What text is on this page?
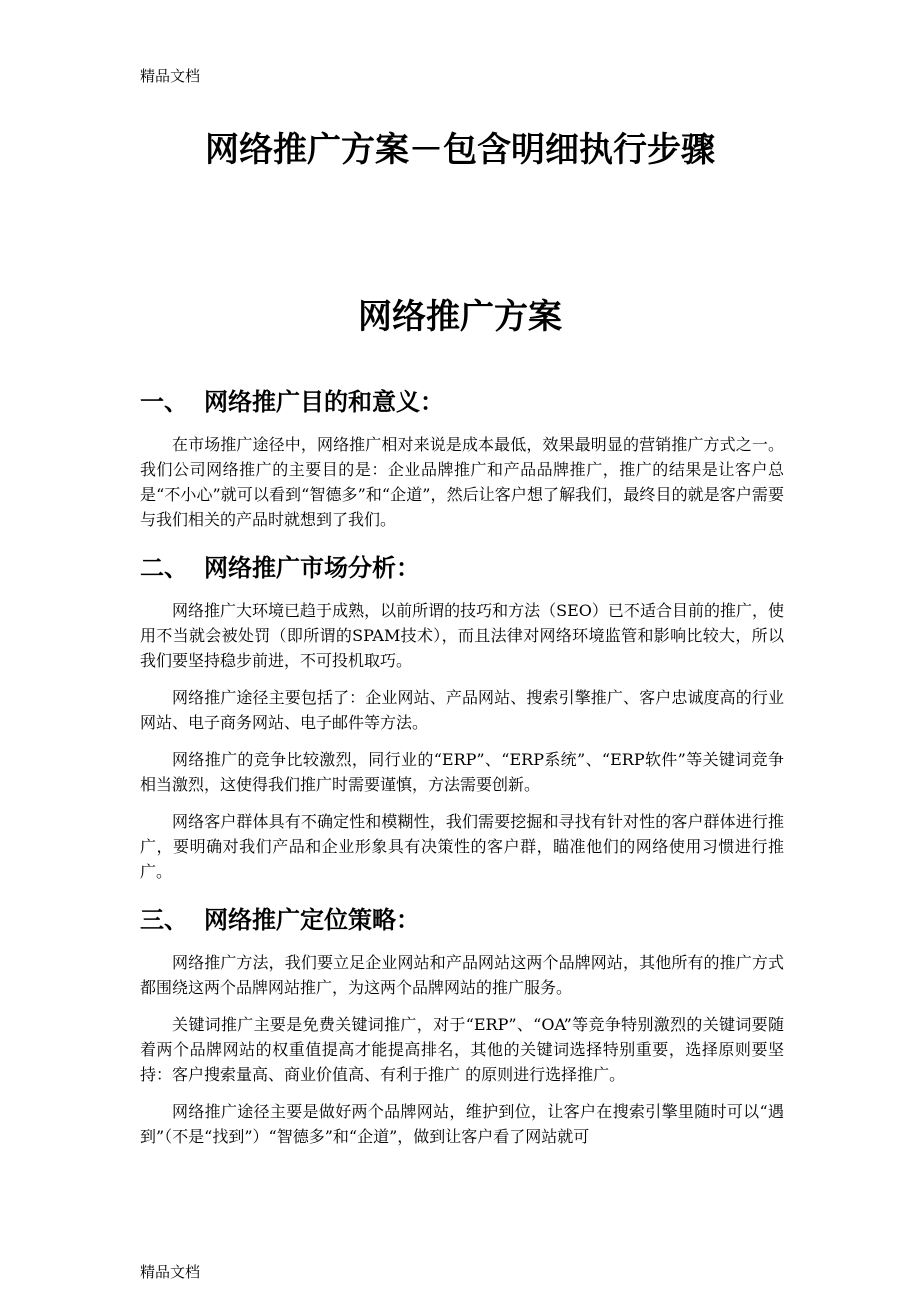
精品文档
网络推广方案－包含明细执行步骤
网络推广方案
一、 网络推广目的和意义：

在市场推广途径中，网络推广相对来说是成本最低，效果最明显的营销推广方式之一。我们公司网络推广的主要目的是：企业品牌推广和产品品牌推广，推广的结果是让客户总是“不小心”就可以看到“智德多”和“企道”，然后让客户想了解我们，最终目的就是客户需要与我们相关的产品时就想到了我们。

二、 网络推广市场分析：

网络推广大环境已趋于成熟，以前所谓的技巧和方法（SEO）已不适合目前的推广，使用不当就会被处罚（即所谓的SPAM技术），而且法律对网络环境监管和影响比较大，所以我们要坚持稳步前进，不可投机取巧。

网络推广途径主要包括了：企业网站、产品网站、搜索引擎推广、客户忠诚度高的行业网站、电子商务网站、电子邮件等方法。

网络推广的竞争比较激烈，同行业的“ERP”、“ERP系统”、“ERP软件”等关键词竞争相当激烈，这使得我们推广时需要谨慎，方法需要创新。

网络客户群体具有不确定性和模糊性，我们需要挖掘和寻找有针对性的客户群体进行推广，要明确对我们产品和企业形象具有决策性的客户群，瞄准他们的网络使用习惯进行推广。

三、 网络推广定位策略：

网络推广方法，我们要立足企业网站和产品网站这两个品牌网站，其他所有的推广方式都围绕这两个品牌网站推广，为这两个品牌网站的推广服务。

关键词推广主要是免费关键词推广，对于“ERP”、“OA”等竞争特别激烈的关键词要随着两个品牌网站的权重值提高才能提高排名，其他的关键词选择特别重要，选择原则要坚持：客户搜索量高、商业价值高、有利于推广 的原则进行选择推广。

网络推广途径主要是做好两个品牌网站，维护到位，让客户在搜索引擎里随时可以“遇到”（不是“找到”）“智德多”和“企道”，做到让客户看了网站就可

精品文档
